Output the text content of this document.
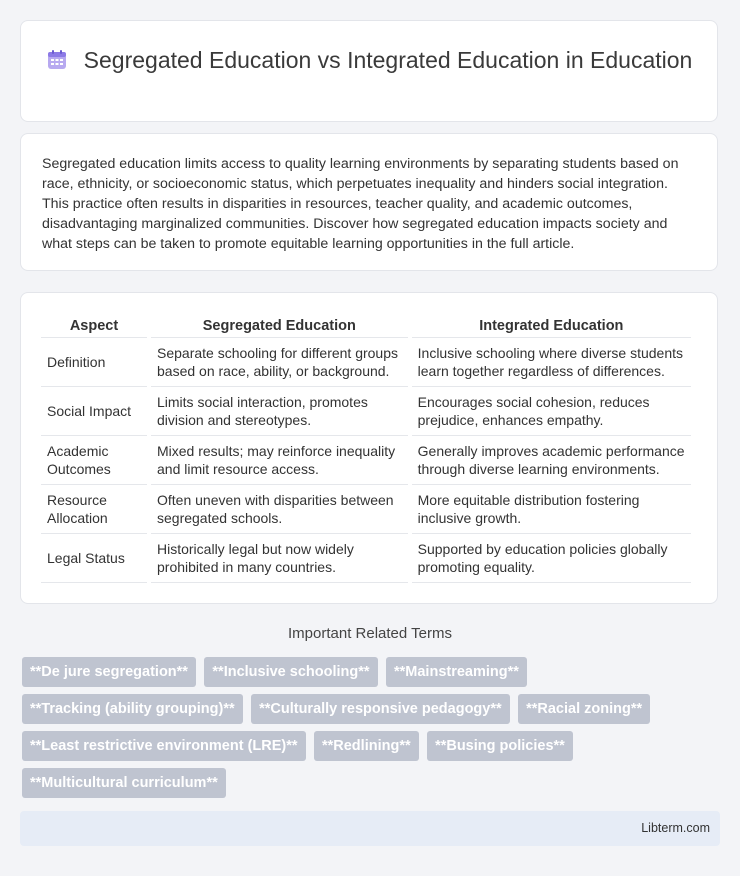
Segregated Education vs Integrated Education in Education
Segregated education limits access to quality learning environments by separating students based on race, ethnicity, or socioeconomic status, which perpetuates inequality and hinders social integration. This practice often results in disparities in resources, teacher quality, and academic outcomes, disadvantaging marginalized communities. Discover how segregated education impacts society and what steps can be taken to promote equitable learning opportunities in the full article.
Aspect	Segregated Education	Integrated Education
Definition	Separate schooling for different groups based on race, ability, or background.	Inclusive schooling where diverse students learn together regardless of differences.
Social Impact	Limits social interaction, promotes division and stereotypes.	Encourages social cohesion, reduces prejudice, enhances empathy.
Academic Outcomes	Mixed results; may reinforce inequality and limit resource access.	Generally improves academic performance through diverse learning environments.
Resource Allocation	Often uneven with disparities between segregated schools.	More equitable distribution fostering inclusive growth.
Legal Status	Historically legal but now widely prohibited in many countries.	Supported by education policies globally promoting equality.
Important Related Terms
**De jure segregation** **Inclusive schooling** **Mainstreaming**
**Tracking (ability grouping)** **Culturally responsive pedagogy** **Racial zoning**
**Least restrictive environment (LRE)** **Redlining** **Busing policies**
**Multicultural curriculum**
Libterm.com
